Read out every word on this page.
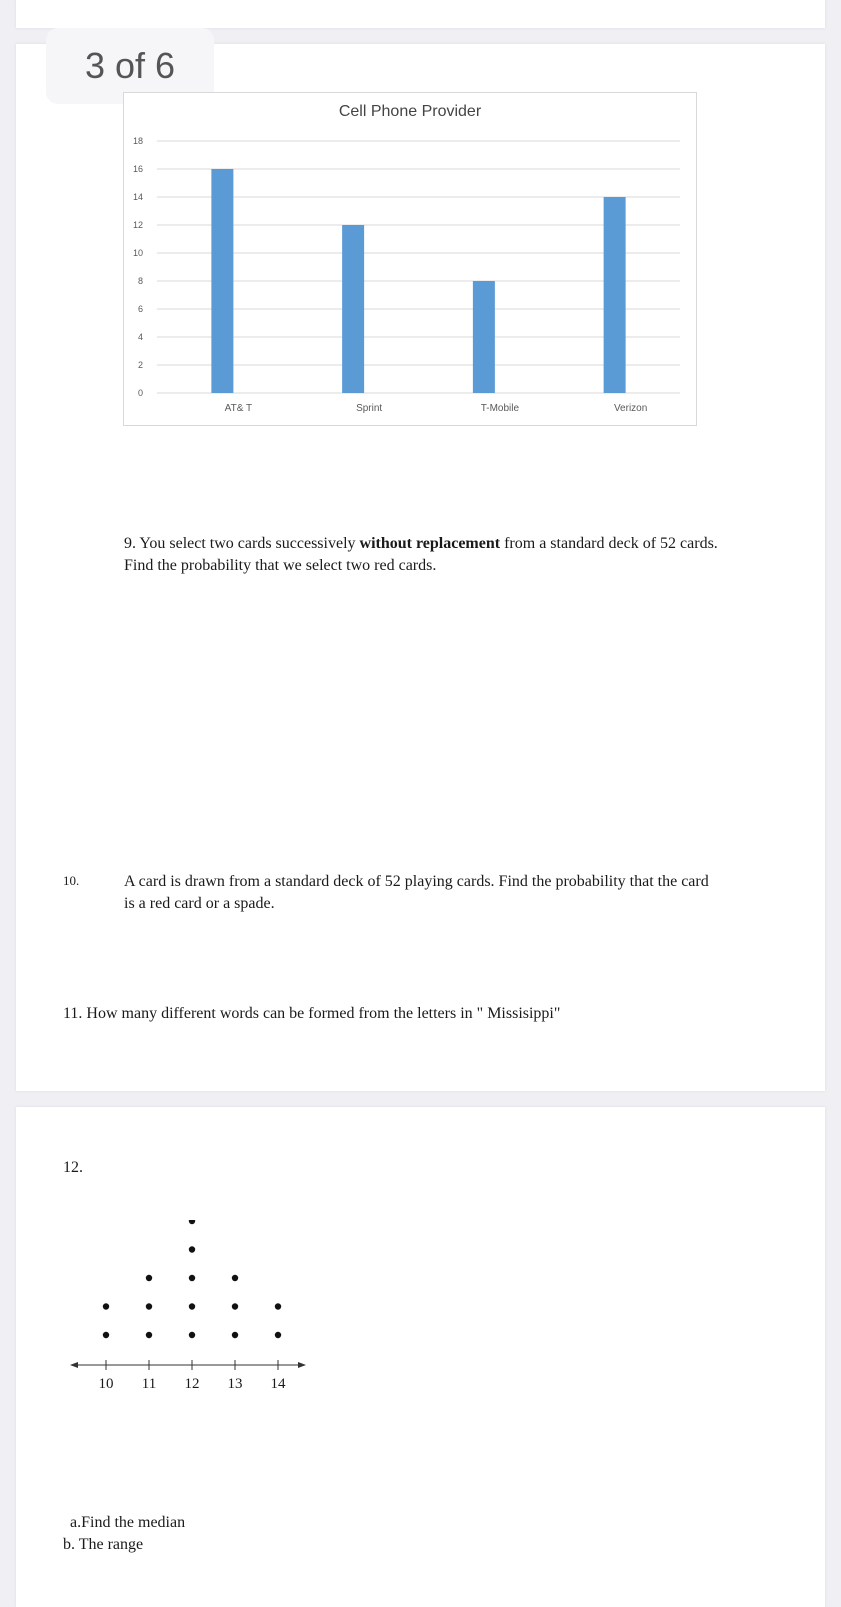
3 of 6
Cell Phone Provider
0
2
4
6
8
10
12
14
16
18
AT& T	Sprint	T-Mobile	Verizon
9. You select two cards successively without replacement from a standard deck of 52 cards.
Find the probability that we select two red cards.
10.	A card is drawn from a standard deck of 52 playing cards. Find the probability that the card
is a red card or a spade.
11. How many different words can be formed from the letters in " Missisippi"
12.
10 11 12 13 14
a.Find the median
b. The range
